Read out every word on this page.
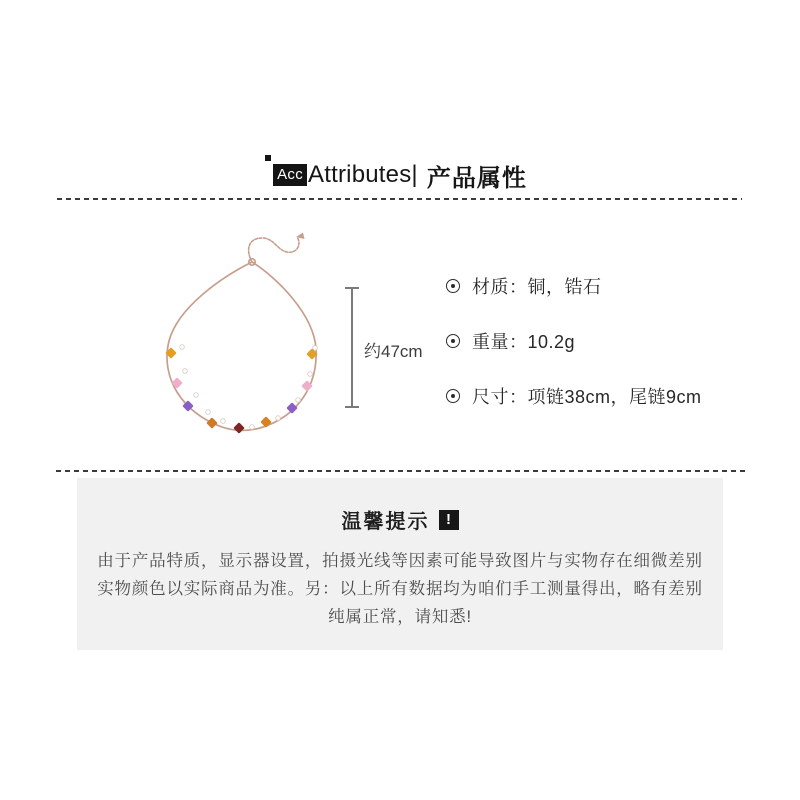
Acc Attributes| 产品属性
约47cm
材质：铜，锆石
重量：10.2g
尺寸：项链38cm，尾链9cm
温馨提示	!
由于产品特质，显示器设置，拍摄光线等因素可能导致图片与实物存在细微差别
实物颜色以实际商品为准。另：以上所有数据均为咱们手工测量得出，略有差别
纯属正常，请知悉!
